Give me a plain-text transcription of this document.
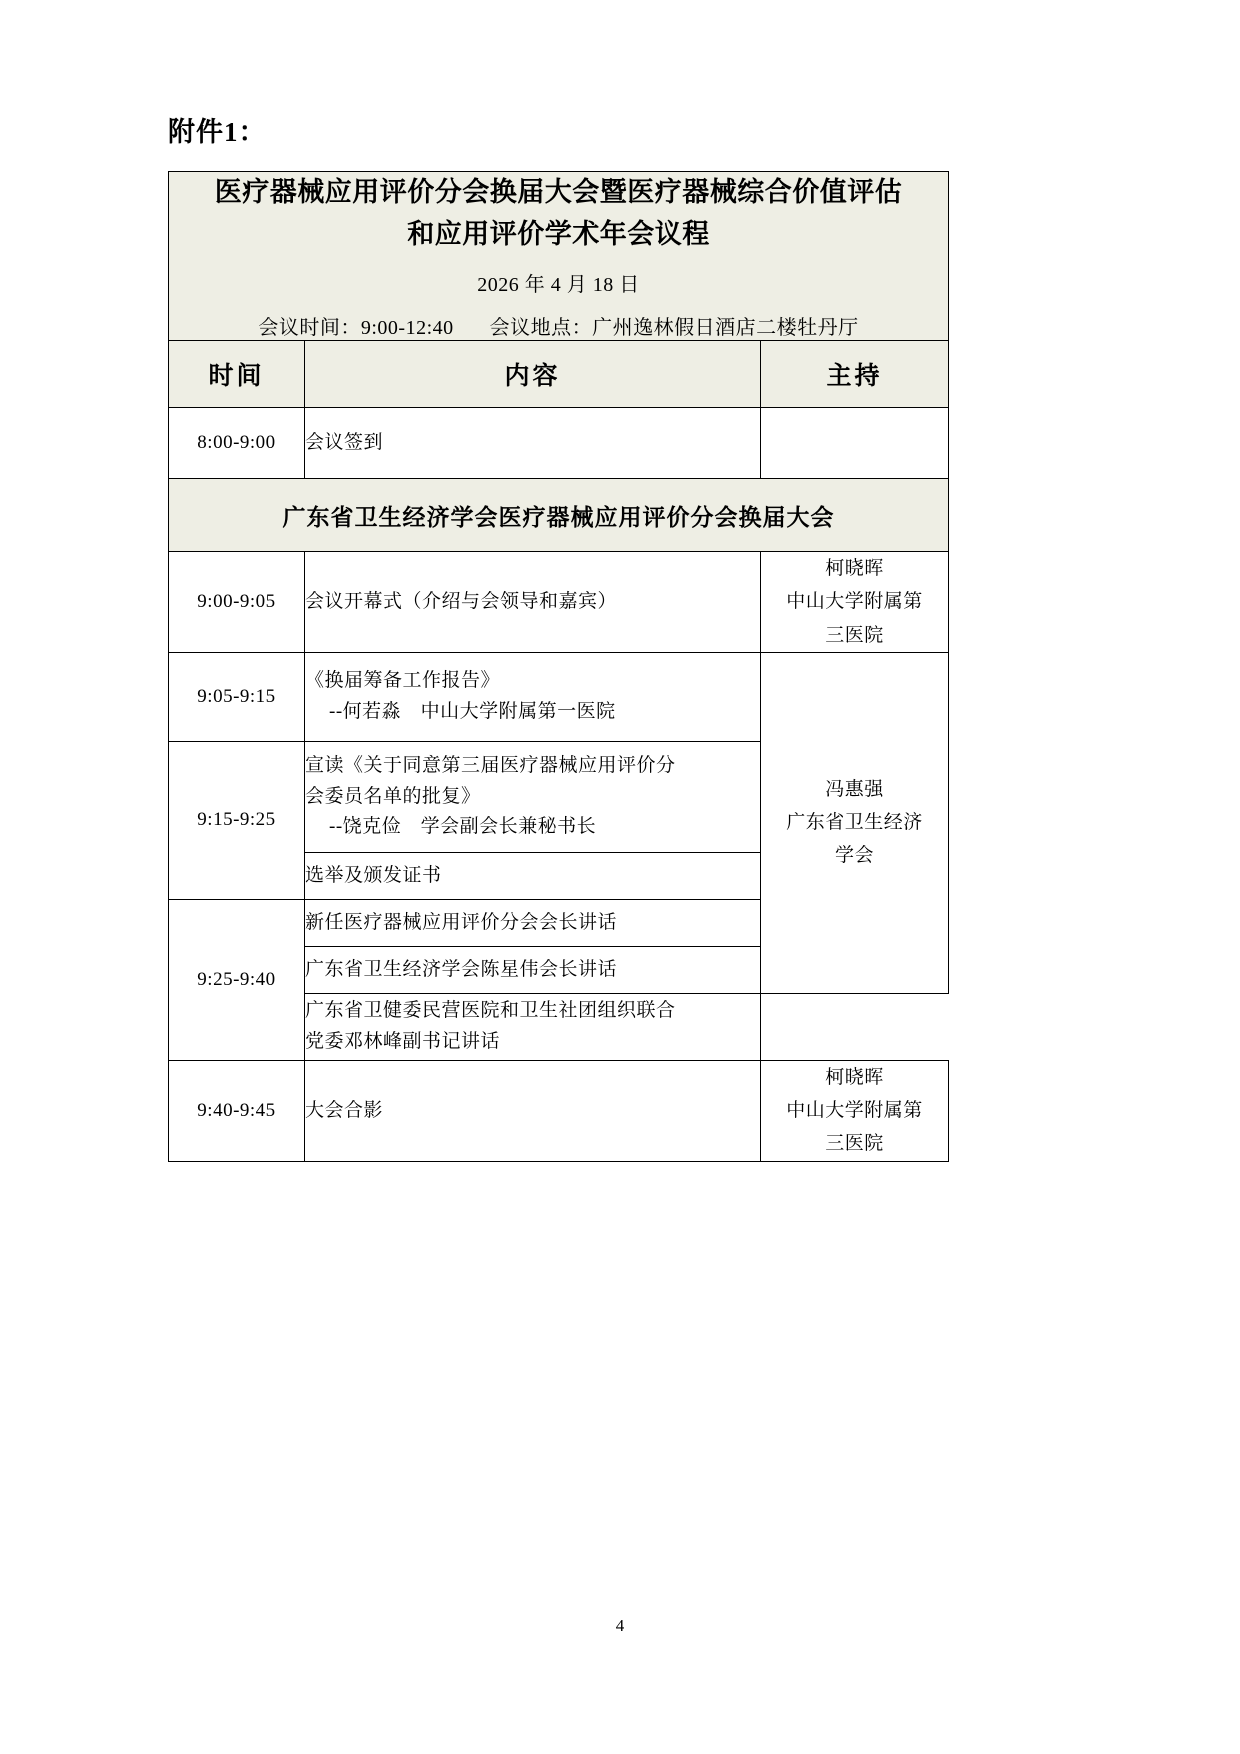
附件1：
医疗器械应用评价分会换届大会暨医疗器械综合价值评估
和应用评价学术年会议程
2026 年 4 月 18 日
会议时间：9:00-12:40 会议地点：广州逸林假日酒店二楼牡丹厅		

时间	内容	主持
8:00-9:00	会议签到	
广东省卫生经济学会医疗器械应用评价分会换届大会		
9:00-9:05	会议开幕式（介绍与会领导和嘉宾）	柯晓晖
中山大学附属第
三医院

9:05-9:15	《换届筹备工作报告》
--何若淼　中山大学附属第一医院	冯惠强
广东省卫生经济
学会

9:15-9:25	宣读《关于同意第三届医疗器械应用评价分
会委员名单的批复》
--饶克俭　学会副会长兼秘书长	

	选举及颁发证书	
9:25-9:40	新任医疗器械应用评价分会会长讲话	
	广东省卫生经济学会陈星伟会长讲话	

	广东省卫健委民营医院和卫生社团组织联合
党委邓林峰副书记讲话	

9:40-9:45	大会合影	柯晓晖
中山大学附属第
三医院
4
